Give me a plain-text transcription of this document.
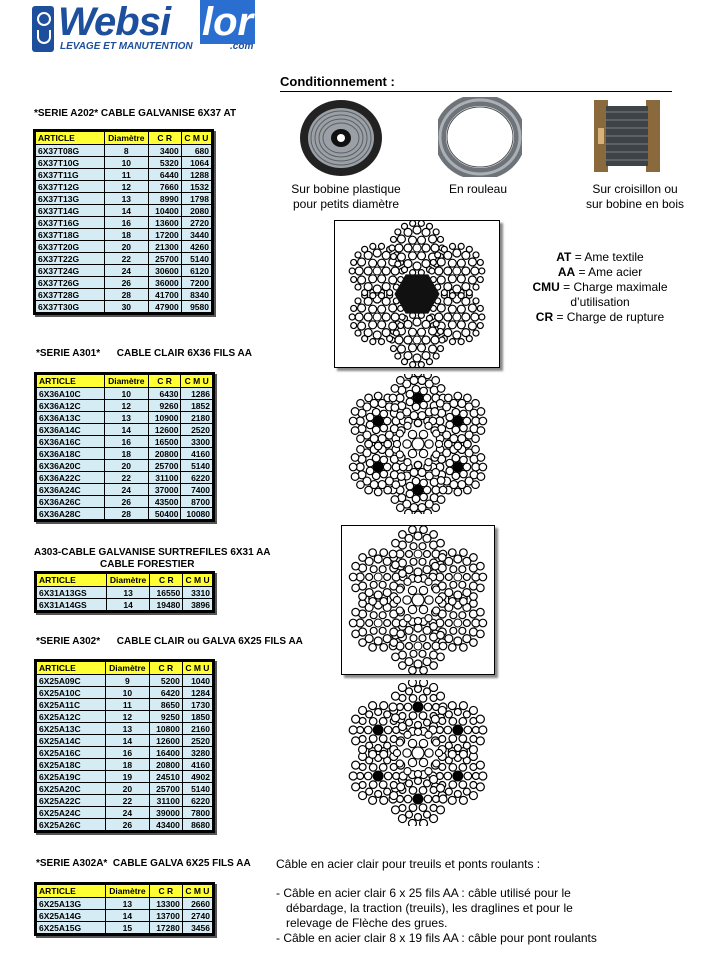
Websi lor
LEVAGE ET MANUTENTION	.com
Conditionnement :
Sur bobine plastique
pour petits diamètre
En rouleau	Sur croisillon ou
sur bobine en bois
AT = Ame textile
AA = Ame acier
CMU = Charge maximale
d’utilisation
CR = Charge de rupture
*SERIE A202* CABLE GALVANISE 6X37 AT
ARTICLE	Diamètre	C R	C M U
6X37T08G	8	3400	680
6X37T10G	10	5320	1064
6X37T11G	11	6440	1288
6X37T12G	12	7660	1532
6X37T13G	13	8990	1798
6X37T14G	14	10400	2080
6X37T16G	16	13600	2720
6X37T18G	18	17200	3440
6X37T20G	20	21300	4260
6X37T22G	22	25700	5140
6X37T24G	24	30600	6120
6X37T26G	26	36000	7200
6X37T28G	28	41700	8340
6X37T30G	30	47900	9580
*SERIE A301*      CABLE CLAIR 6X36 FILS AA
ARTICLE	Diamètre	C R	C M U
6X36A10C	10	6430	1286
6X36A12C	12	9260	1852
6X36A13C	13	10900	2180
6X36A14C	14	12600	2520
6X36A16C	16	16500	3300
6X36A18C	18	20800	4160
6X36A20C	20	25700	5140
6X36A22C	22	31100	6220
6X36A24C	24	37000	7400
6X36A26C	26	43500	8700
6X36A28C	28	50400	10080
A303-CABLE GALVANISE SURTREFILES 6X31 AA
CABLE FORESTIER
ARTICLE	Diamètre	C R	C M U
6X31A13GS	13	16550	3310
6X31A14GS	14	19480	3896
*SERIE A302*      CABLE CLAIR ou GALVA 6X25 FILS AA
ARTICLE	Diamètre	C R	C M U
6X25A09C	9	5200	1040
6X25A10C	10	6420	1284
6X25A11C	11	8650	1730
6X25A12C	12	9250	1850
6X25A13C	13	10800	2160
6X25A14C	14	12600	2520
6X25A16C	16	16400	3280
6X25A18C	18	20800	4160
6X25A19C	19	24510	4902
6X25A20C	20	25700	5140
6X25A22C	22	31100	6220
6X25A24C	24	39000	7800
6X25A26C	26	43400	8680
*SERIE A302A*  CABLE GALVA 6X25 FILS AA
ARTICLE	Diamètre	C R	C M U
6X25A13G	13	13300	2660
6X25A14G	14	13700	2740
6X25A15G	15	17280	3456
Câble en acier clair pour treuils et ponts roulants :
- Câble en acier clair 6 x 25 fils AA : câble utilisé pour le
débardage, la traction (treuils), les draglines et pour le
relevage de Flèche des grues.
- Câble en acier clair 8 x 19 fils AA : câble pour pont roulants
